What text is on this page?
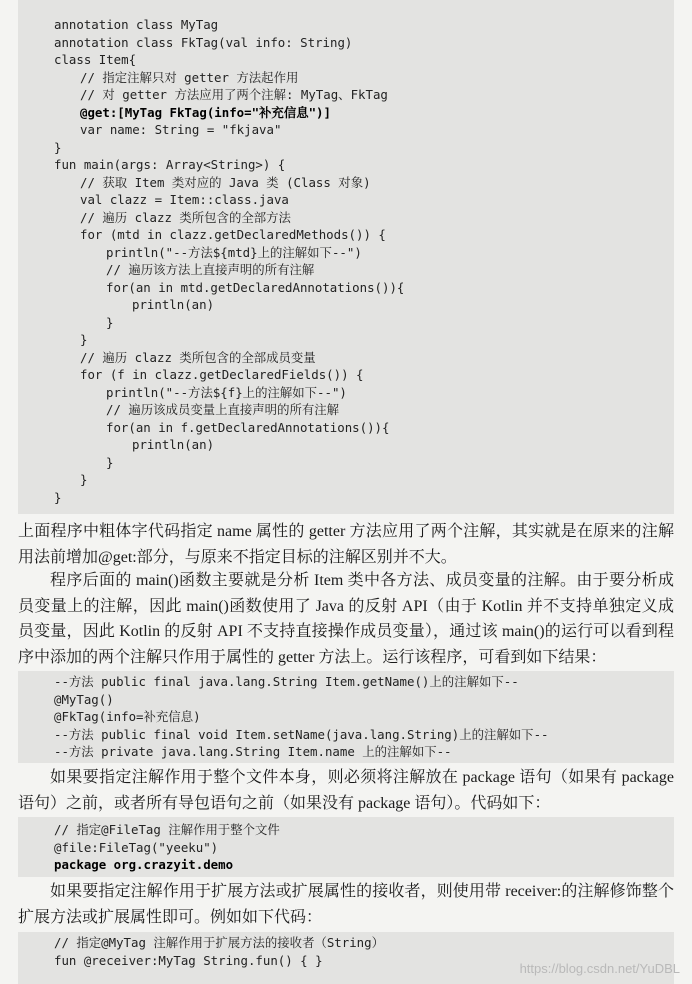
annotation class MyTag
annotation class FkTag(val info: String)
class Item{
// 指定注解只对 getter 方法起作用
// 对 getter 方法应用了两个注解: MyTag、FkTag
@get:[MyTag FkTag(info="补充信息")]
var name: String = "fkjava"
}
fun main(args: Array<String>) {
// 获取 Item 类对应的 Java 类 (Class 对象)
val clazz = Item::class.java
// 遍历 clazz 类所包含的全部方法
for (mtd in clazz.getDeclaredMethods()) {
println("--方法${mtd}上的注解如下--")
// 遍历该方法上直接声明的所有注解
for(an in mtd.getDeclaredAnnotations()){
println(an)
}
}
// 遍历 clazz 类所包含的全部成员变量
for (f in clazz.getDeclaredFields()) {
println("--方法${f}上的注解如下--")
// 遍历该成员变量上直接声明的所有注解
for(an in f.getDeclaredAnnotations()){
println(an)
}
}
}

上面程序中粗体字代码指定 name 属性的 getter 方法应用了两个注解，其实就是在原来的注解用法前增加@get:部分，与原来不指定目标的注解区别并不大。

程序后面的 main()函数主要就是分析 Item 类中各方法、成员变量的注解。由于要分析成员变量上的注解，因此 main()函数使用了 Java 的反射 API（由于 Kotlin 并不支持单独定义成员变量，因此 Kotlin 的反射 API 不支持直接操作成员变量），通过该 main()的运行可以看到程序中添加的两个注解只作用于属性的 getter 方法上。运行该程序，可看到如下结果：

--方法 public final java.lang.String Item.getName()上的注解如下--
@MyTag()
@FkTag(info=补充信息)
--方法 public final void Item.setName(java.lang.String)上的注解如下--
--方法 private java.lang.String Item.name 上的注解如下--

如果要指定注解作用于整个文件本身，则必须将注解放在 package 语句（如果有 package 语句）之前，或者所有导包语句之前（如果没有 package 语句）。代码如下：

// 指定@FileTag 注解作用于整个文件
@file:FileTag("yeeku")
package org.crazyit.demo

如果要指定注解作用于扩展方法或扩展属性的接收者，则使用带 receiver:的注解修饰整个扩展方法或扩展属性即可。例如如下代码：

// 指定@MyTag 注解作用于扩展方法的接收者（String）
fun @receiver:MyTag String.fun() { }
https://blog.csdn.net/YuDBL
